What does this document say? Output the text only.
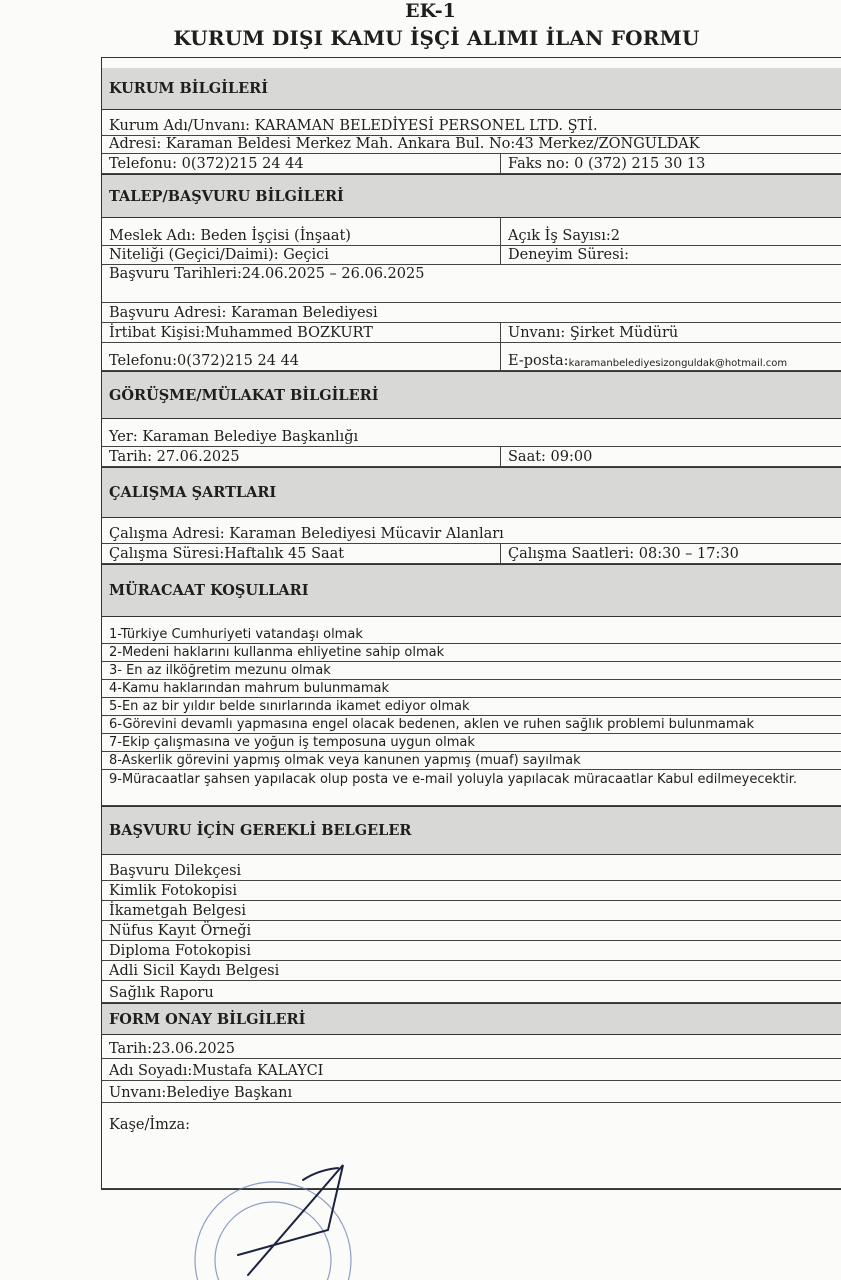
EK-1
KURUM DIŞI KAMU İŞÇİ ALIMI İLAN FORMU
KURUM BİLGİLERİ
Kurum Adı/Unvanı: KARAMAN BELEDİYESİ PERSONEL LTD. ŞTİ.
Adresi: Karaman Beldesi Merkez Mah. Ankara Bul. No:43 Merkez/ZONGULDAK
Telefonu: 0(372)215 24 44	Faks no: 0 (372) 215 30 13
TALEP/BAŞVURU BİLGİLERİ
Meslek Adı: Beden İşçisi (İnşaat)	Açık İş Sayısı:2
Niteliği (Geçici/Daimi): Geçici	Deneyim Süresi:
Başvuru Tarihleri:24.06.2025 – 26.06.2025
Başvuru Adresi: Karaman Belediyesi
İrtibat Kişisi:Muhammed BOZKURT	Unvanı: Şirket Müdürü
Telefonu:0(372)215 24 44	E-posta: karamanbelediyesizonguldak@hotmail.com
GÖRÜŞME/MÜLAKAT BİLGİLERİ
Yer: Karaman Belediye Başkanlığı
Tarih: 27.06.2025	Saat: 09:00
ÇALIŞMA ŞARTLARI
Çalışma Adresi: Karaman Belediyesi Mücavir Alanları
Çalışma Süresi:Haftalık 45 Saat	Çalışma Saatleri: 08:30 – 17:30
MÜRACAAT KOŞULLARI
1-Türkiye Cumhuriyeti vatandaşı olmak
2-Medeni haklarını kullanma ehliyetine sahip olmak
3- En az ilköğretim mezunu olmak
4-Kamu haklarından mahrum bulunmamak
5-En az bir yıldır belde sınırlarında ikamet ediyor olmak
6-Görevini devamlı yapmasına engel olacak bedenen, aklen ve ruhen sağlık problemi bulunmamak
7-Ekip çalışmasına ve yoğun iş temposuna uygun olmak
8-Askerlik görevini yapmış olmak veya kanunen yapmış (muaf) sayılmak
9-Müracaatlar şahsen yapılacak olup posta ve e-mail yoluyla yapılacak müracaatlar Kabul edilmeyecektir.
BAŞVURU İÇİN GEREKLİ BELGELER
Başvuru Dilekçesi
Kimlik Fotokopisi
İkametgah Belgesi
Nüfus Kayıt Örneği
Diploma Fotokopisi
Adli Sicil Kaydı Belgesi
Sağlık Raporu
FORM ONAY BİLGİLERİ
Tarih:23.06.2025
Adı Soyadı:Mustafa KALAYCI
Unvanı:Belediye Başkanı
Kaşe/İmza:
